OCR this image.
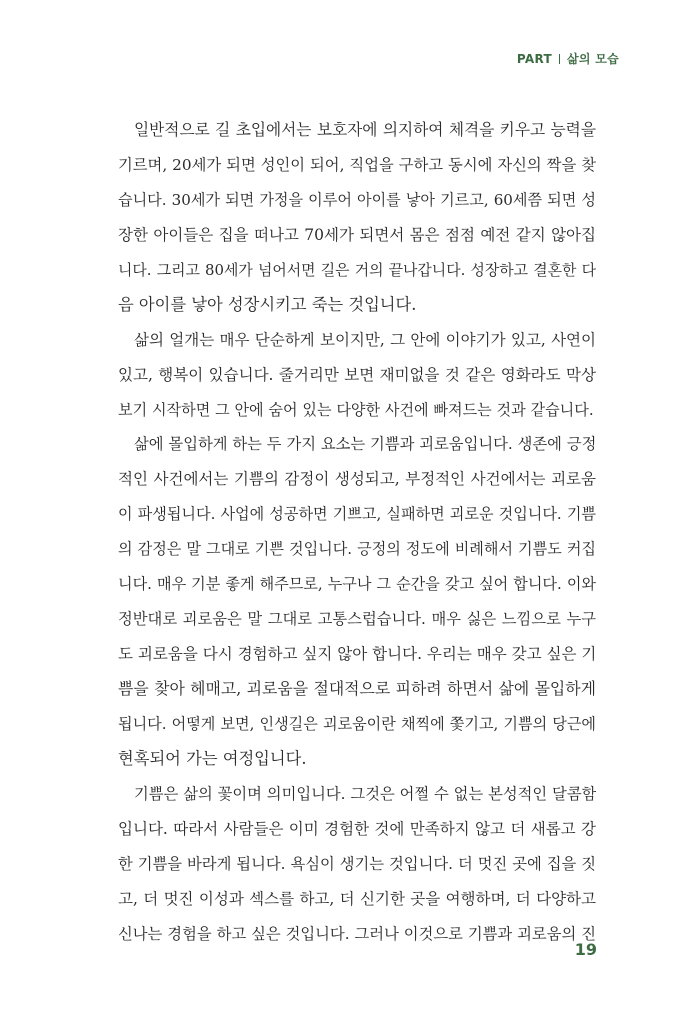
PART 삶의 모습
일반적으로 길 초입에서는 보호자에 의지하여 체격을 키우고 능력을
기르며, 20세가 되면 성인이 되어, 직업을 구하고 동시에 자신의 짝을 찾
습니다. 30세가 되면 가정을 이루어 아이를 낳아 기르고, 60세쯤 되면 성
장한 아이들은 집을 떠나고 70세가 되면서 몸은 점점 예전 같지 않아집
니다. 그리고 80세가 넘어서면 길은 거의 끝나갑니다. 성장하고 결혼한 다
음 아이를 낳아 성장시키고 죽는 것입니다.
삶의 얼개는 매우 단순하게 보이지만, 그 안에 이야기가 있고, 사연이
있고, 행복이 있습니다. 줄거리만 보면 재미없을 것 같은 영화라도 막상
보기 시작하면 그 안에 숨어 있는 다양한 사건에 빠져드는 것과 같습니다.
삶에 몰입하게 하는 두 가지 요소는 기쁨과 괴로움입니다. 생존에 긍정
적인 사건에서는 기쁨의 감정이 생성되고, 부정적인 사건에서는 괴로움
이 파생됩니다. 사업에 성공하면 기쁘고, 실패하면 괴로운 것입니다. 기쁨
의 감정은 말 그대로 기쁜 것입니다. 긍정의 정도에 비례해서 기쁨도 커집
니다. 매우 기분 좋게 해주므로, 누구나 그 순간을 갖고 싶어 합니다. 이와
정반대로 괴로움은 말 그대로 고통스럽습니다. 매우 싫은 느낌으로 누구
도 괴로움을 다시 경험하고 싶지 않아 합니다. 우리는 매우 갖고 싶은 기
쁨을 찾아 헤매고, 괴로움을 절대적으로 피하려 하면서 삶에 몰입하게
됩니다. 어떻게 보면, 인생길은 괴로움이란 채찍에 쫓기고, 기쁨의 당근에
현혹되어 가는 여정입니다.
기쁨은 삶의 꽃이며 의미입니다. 그것은 어쩔 수 없는 본성적인 달콤함
입니다. 따라서 사람들은 이미 경험한 것에 만족하지 않고 더 새롭고 강
한 기쁨을 바라게 됩니다. 욕심이 생기는 것입니다. 더 멋진 곳에 집을 짓
고, 더 멋진 이성과 섹스를 하고, 더 신기한 곳을 여행하며, 더 다양하고
신나는 경험을 하고 싶은 것입니다. 그러나 이것으로 기쁨과 괴로움의 진
19
